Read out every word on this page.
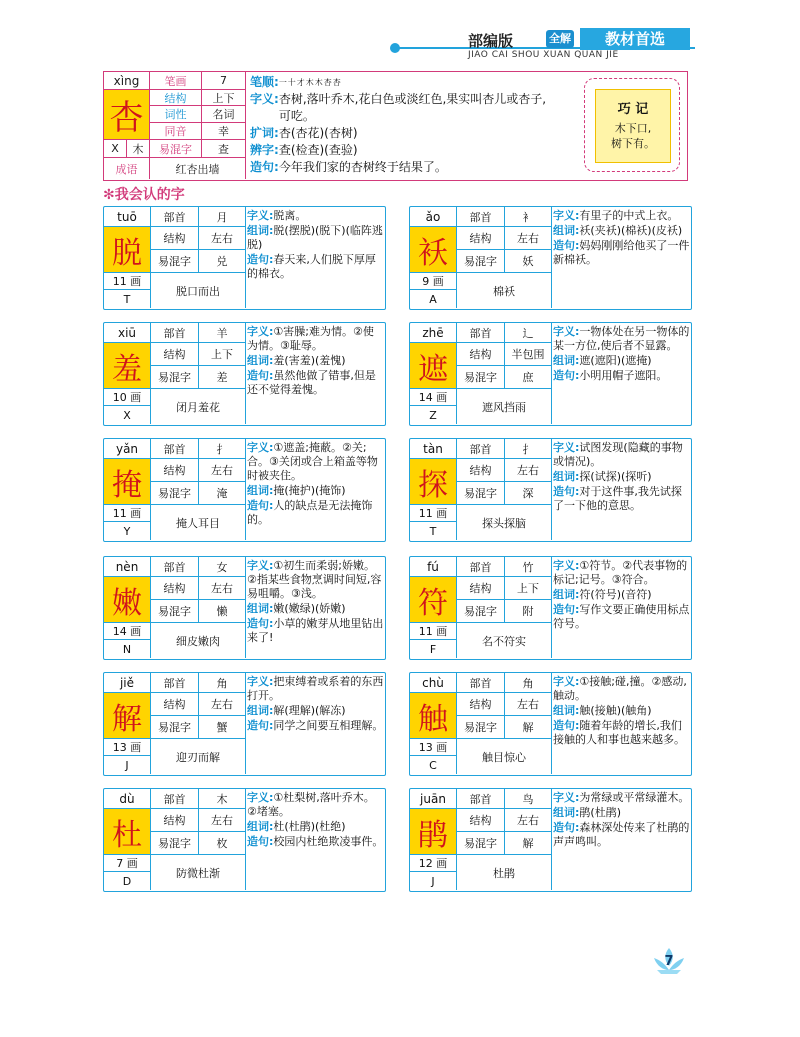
部编版	全解	教材首选
JIAO CAI SHOU XUAN QUAN JIE
xìng	笔画	7
杏	结构	上下
词性	名词
同音	幸
X	木	易混字	查
成语	红杏出墙
笔顺: 一十才木木杏杏
字义: 杏树,落叶乔木,花白色或淡红色,果实叫杏儿或杏子,可吃。
扩词: 杏(杏花)(杏树)
辨字: 查(检查)(查验)
造句: 今年我们家的杏树终于结果了。
巧 记
木下口,
树下有。
✻我会认的字
tuō	部首	月
脱	结构	左右
易混字	兑
11 画
T
脱口而出

字义:脱离。

组词:脱(摆脱)(脱下)(临阵逃脱)

造句:春天来,人们脱下厚厚的棉衣。

ǎo	部首	衤
袄	结构	左右
易混字	妖
9 画
A
棉袄

字义:有里子的中式上衣。

组词:袄(夹袄)(棉袄)(皮袄)

造句:妈妈刚刚给他买了一件新棉袄。

xiū	部首	羊
羞	结构	上下
易混字	差
10 画
X
闭月羞花

字义:①害臊;难为情。②使为情。③耻辱。

组词:羞(害羞)(羞愧)

造句:虽然他做了错事,但是还不觉得羞愧。

zhē	部首	辶
遮	结构	半包围
易混字	庶
14 画
Z
遮风挡雨

字义:一物体处在另一物体的某一方位,使后者不显露。

组词:遮(遮阳)(遮掩)

造句:小明用帽子遮阳。

yǎn	部首	扌
掩	结构	左右
易混字	淹
11 画
Y
掩人耳目

字义:①遮盖;掩蔽。②关;合。③关闭或合上箱盖等物时被夹住。

组词:掩(掩护)(掩饰)

造句:人的缺点是无法掩饰的。

tàn	部首	扌
探	结构	左右
易混字	深
11 画
T
探头探脑

字义:试图发现(隐藏的事物或情况)。

组词:探(试探)(探听)

造句:对于这件事,我先试探了一下他的意思。

nèn	部首	女
嫩	结构	左右
易混字	懒
14 画
N
细皮嫩肉

字义:①初生而柔弱;娇嫩。②指某些食物烹调时间短,容易咀嚼。③浅。

组词:嫩(嫩绿)(娇嫩)

造句:小草的嫩芽从地里钻出来了!

fú	部首	竹
符	结构	上下
易混字	附
11 画
F
名不符实

字义:①符节。②代表事物的标记;记号。③符合。

组词:符(符号)(音符)

造句:写作文要正确使用标点符号。

jiě	部首	角
解	结构	左右
易混字	蟹
13 画
J
迎刃而解

字义:把束缚着或系着的东西打开。

组词:解(理解)(解冻)

造句:同学之间要互相理解。

chù	部首	角
触	结构	左右
易混字	解
13 画
C
触目惊心

字义:①接触;碰,撞。②感动,触动。

组词:触(接触)(触角)

造句:随着年龄的增长,我们接触的人和事也越来越多。

dù	部首	木
杜	结构	左右
易混字	枚
7 画
D
防微杜渐

字义:①杜梨树,落叶乔木。②堵塞。

组词:杜(杜鹃)(杜绝)

造句:校园内杜绝欺凌事件。

juān	部首	鸟
鹃	结构	左右
易混字	解
12 画
J
杜鹃

字义:为常绿或平常绿灌木。

组词:鹃(杜鹃)

造句:森林深处传来了杜鹃的声声鸣叫。

7
